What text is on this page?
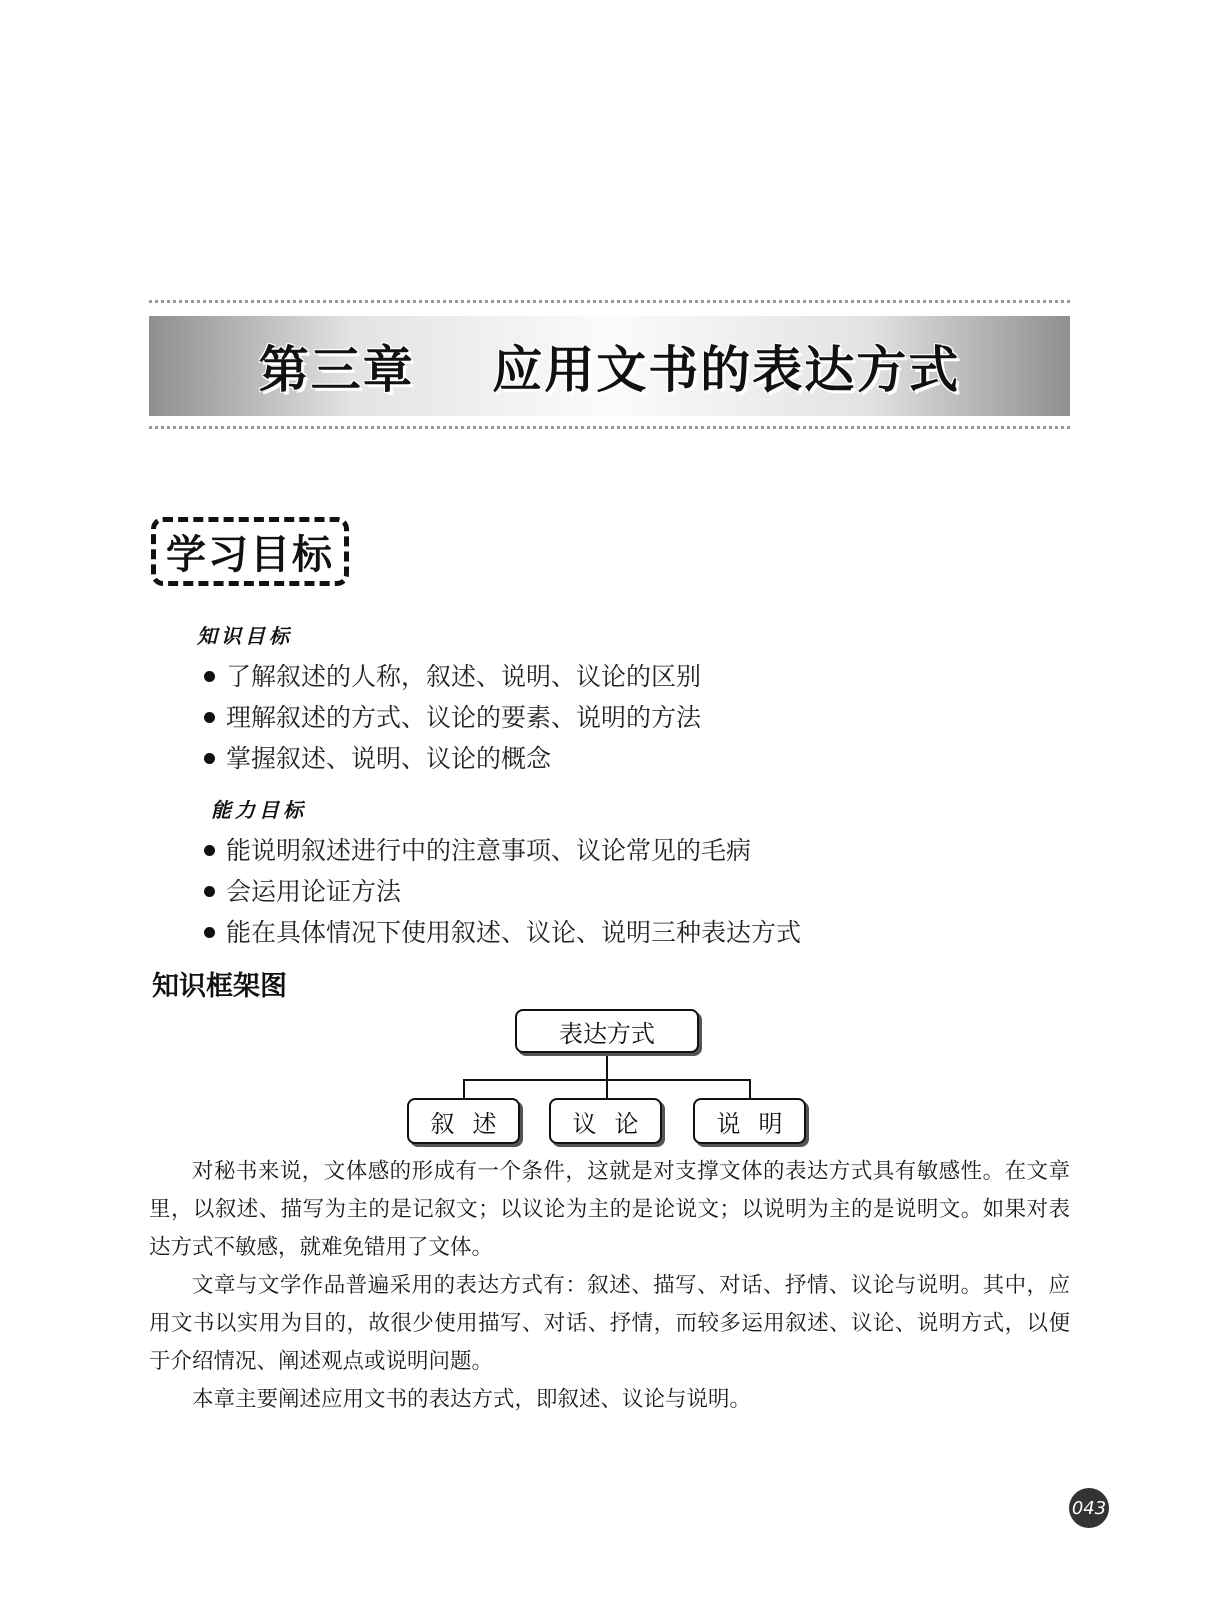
第三章    应用文书的表达方式
学习目标
知识目标
了解叙述的人称，叙述、说明、议论的区别
理解叙述的方式、议论的要素、说明的方法
掌握叙述、说明、议论的概念
能力目标
能说明叙述进行中的注意事项、议论常见的毛病
会运用论证方法
能在具体情况下使用叙述、议论、说明三种表达方式
知识框架图
表达方式
叙述	议论	说明

对秘书来说，文体感的形成有一个条件，这就是对支撑文体的表达方式具有敏感性。在文章里，以叙述、描写为主的是记叙文；以议论为主的是论说文；以说明为主的是说明文。如果对表达方式不敏感，就难免错用了文体。

文章与文学作品普遍采用的表达方式有：叙述、描写、对话、抒情、议论与说明。其中，应用文书以实用为目的，故很少使用描写、对话、抒情，而较多运用叙述、议论、说明方式，以便于介绍情况、阐述观点或说明问题。

本章主要阐述应用文书的表达方式，即叙述、议论与说明。

043
